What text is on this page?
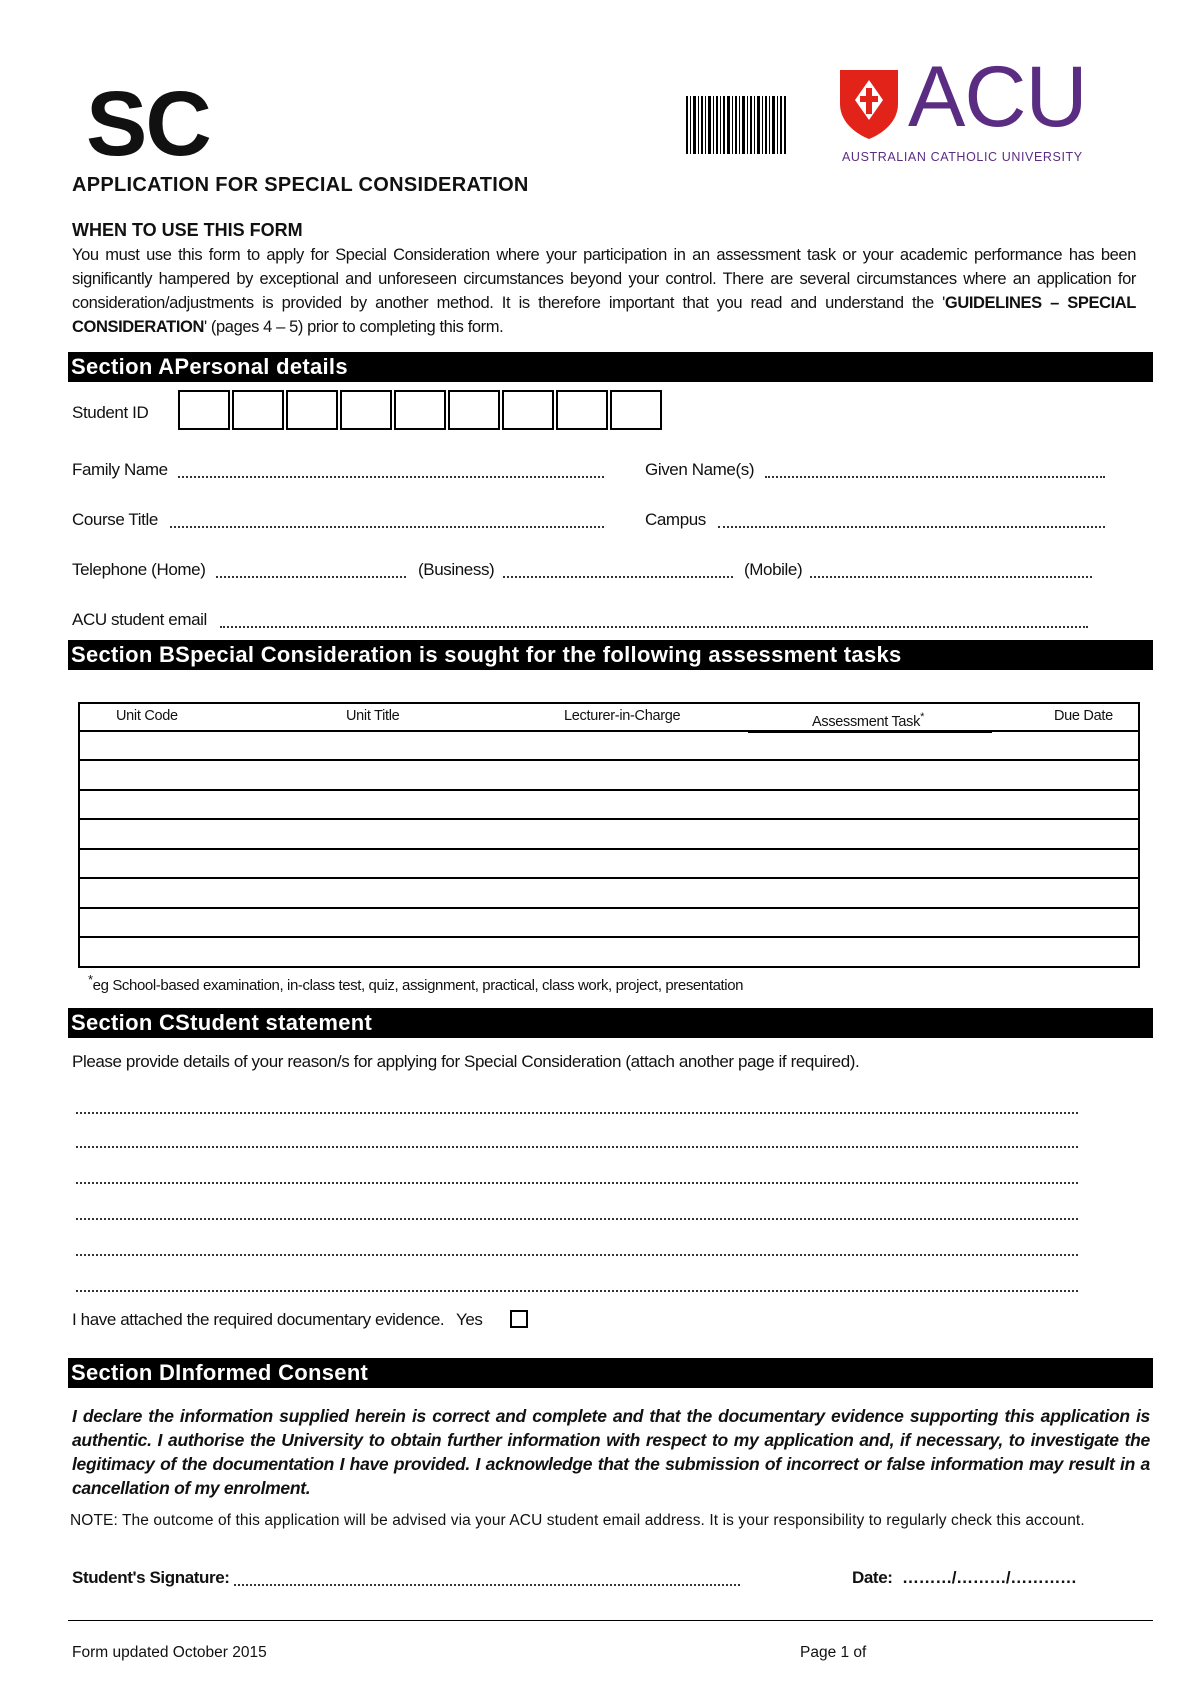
SC
APPLICATION FOR SPECIAL CONSIDERATION
ACU
AUSTRALIAN CATHOLIC UNIVERSITY
WHEN TO USE THIS FORM
You must use this form to apply for Special Consideration where your participation in an assessment task or your academic performance has been significantly hampered by exceptional and unforeseen circumstances beyond your control. There are several circumstances where an application for consideration/adjustments is provided by another method. It is therefore important that you read and understand the 'GUIDELINES – SPECIAL CONSIDERATION' (pages 4 – 5) prior to completing this form.
Section APersonal details
Student ID
Family Name	Given Name(s)
Course Title	Campus
Telephone (Home)	(Business)	(Mobile)
ACU student email
Section BSpecial Consideration is sought for the following assessment tasks
Unit Code	Unit Title	Lecturer-in-Charge	Assessment Task*	Due Date
*eg School-based examination, in-class test, quiz, assignment, practical, class work, project, presentation
Section CStudent statement
Please provide details of your reason/s for applying for Special Consideration (attach another page if required).
I have attached the required documentary evidence. Yes
Section DInformed Consent
I declare the information supplied herein is correct and complete and that the documentary evidence supporting this application is authentic. I authorise the University to obtain further information with respect to my application and, if necessary, to investigate the legitimacy of the documentation I have provided. I acknowledge that the submission of incorrect or false information may result in a cancellation of my enrolment.
NOTE: The outcome of this application will be advised via your ACU student email address. It is your responsibility to regularly check this account.
Student's Signature:	Date: ………/………/…………
Form updated October 2015	Page 1 of
